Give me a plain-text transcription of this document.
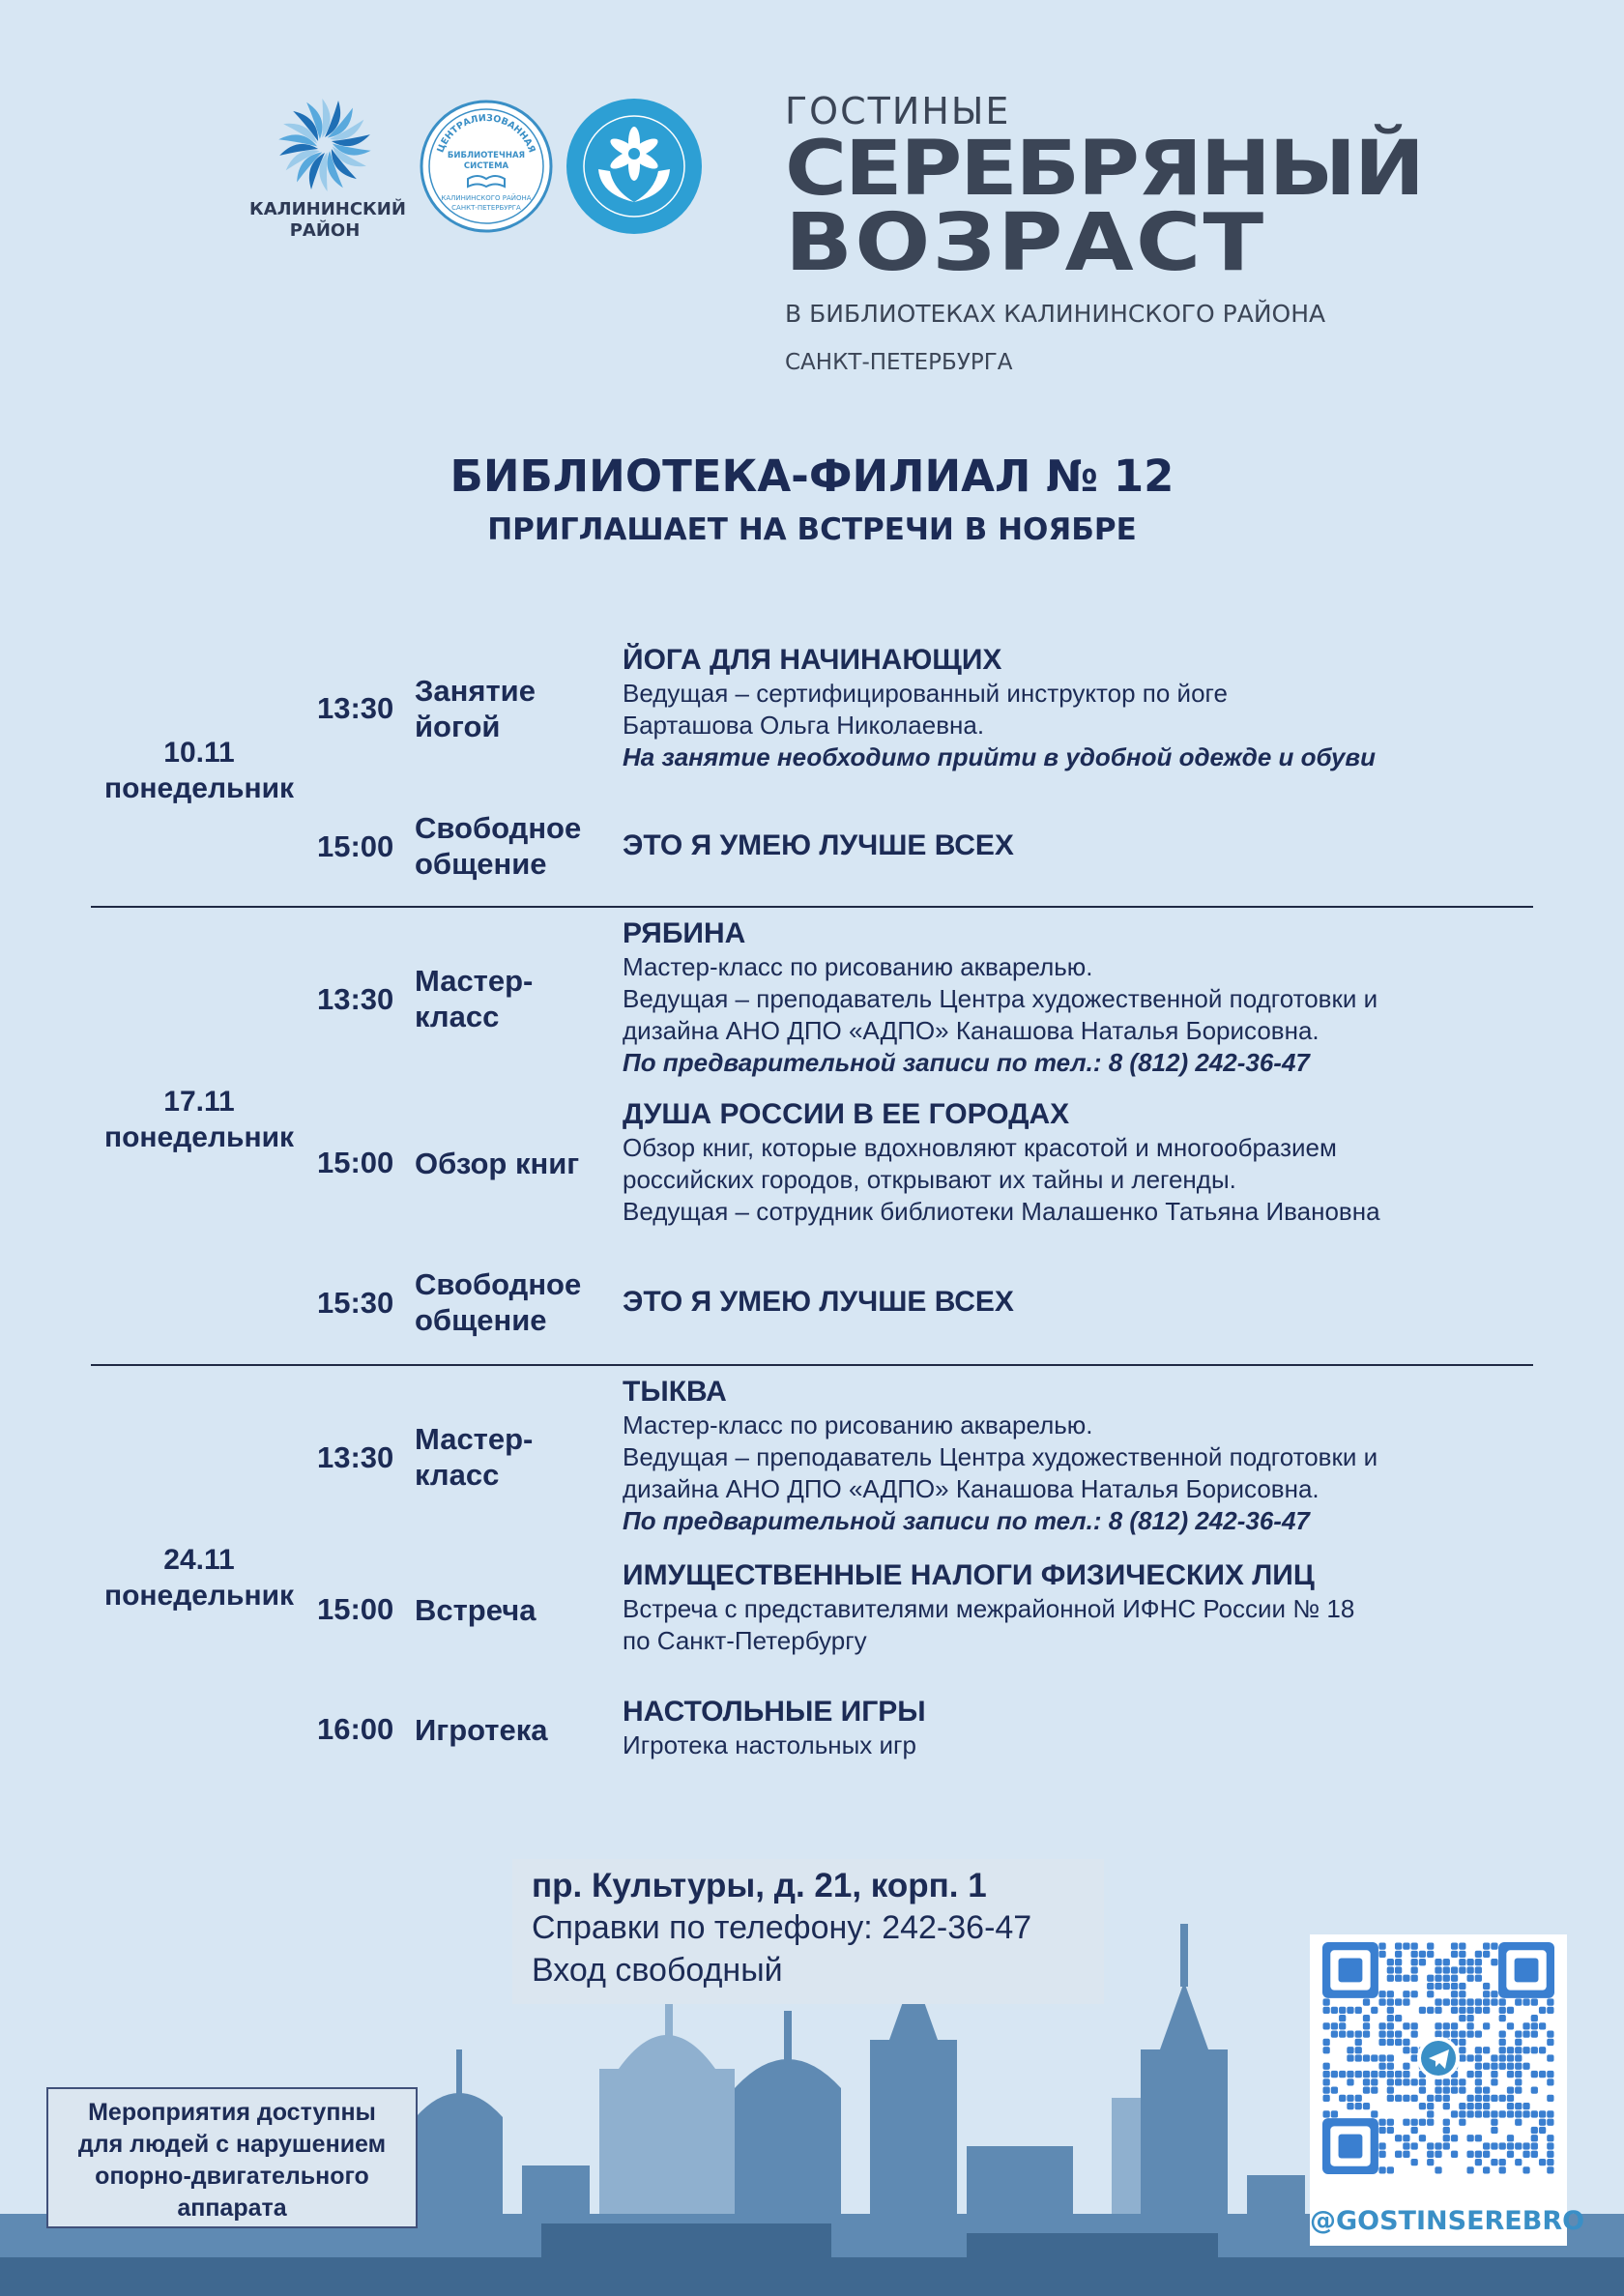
КАЛИНИНСКИЙ
РАЙОН
ЦЕНТРАЛИЗОВАННАЯ
БИБЛИОТЕЧНАЯ
СИСТЕМА
КАЛИНИНСКОГО РАЙОНА
САНКТ-ПЕТЕРБУРГА
ГОСТИНЫЕ
СЕРЕБРЯНЫЙ
ВОЗРАСТ
В БИБЛИОТЕКАХ КАЛИНИНСКОГО РАЙОНА
САНКТ-ПЕТЕРБУРГА
БИБЛИОТЕКА-ФИЛИАЛ № 12
ПРИГЛАШАЕТ НА ВСТРЕЧИ В НОЯБРЕ
10.11
понедельник
13:30
Занятие
йогой
ЙОГА ДЛЯ НАЧИНАЮЩИХ
Ведущая – сертифицированный инструктор по йоге
Барташова Ольга Николаевна.
На занятие необходимо прийти в удобной одежде и обуви
15:00
Свободное
общение
ЭТО Я УМЕЮ ЛУЧШЕ ВСЕХ
17.11
понедельник
13:30
Мастер-
класс
РЯБИНА
Мастер-класс по рисованию акварелью.
Ведущая – преподаватель Центра художественной подготовки и
дизайна АНО ДПО «АДПО» Канашова Наталья Борисовна.
По предварительной записи по тел.: 8 (812) 242-36-47
15:00 Обзор книг
ДУША РОССИИ В ЕЕ ГОРОДАХ
Обзор книг, которые вдохновляют красотой и многообразием
российских городов, открывают их тайны и легенды.
Ведущая – сотрудник библиотеки Малашенко Татьяна Ивановна
15:30
Свободное
общение
ЭТО Я УМЕЮ ЛУЧШЕ ВСЕХ
24.11
понедельник
13:30
Мастер-
класс
ТЫКВА
Мастер-класс по рисованию акварелью.
Ведущая – преподаватель Центра художественной подготовки и
дизайна АНО ДПО «АДПО» Канашова Наталья Борисовна.
По предварительной записи по тел.: 8 (812) 242-36-47
15:00 Встреча
ИМУЩЕСТВЕННЫЕ НАЛОГИ ФИЗИЧЕСКИХ ЛИЦ
Встреча с представителями межрайонной ИФНС России № 18
по Санкт-Петербургу
16:00 Игротека
НАСТОЛЬНЫЕ ИГРЫ
Игротека настольных игр
пр. Культуры, д. 21, корп. 1
Справки по телефону: 242-36-47
Вход свободный
Мероприятия доступны
для людей с нарушением
опорно-двигательного
аппарата	@GOSTINSEREBRO
